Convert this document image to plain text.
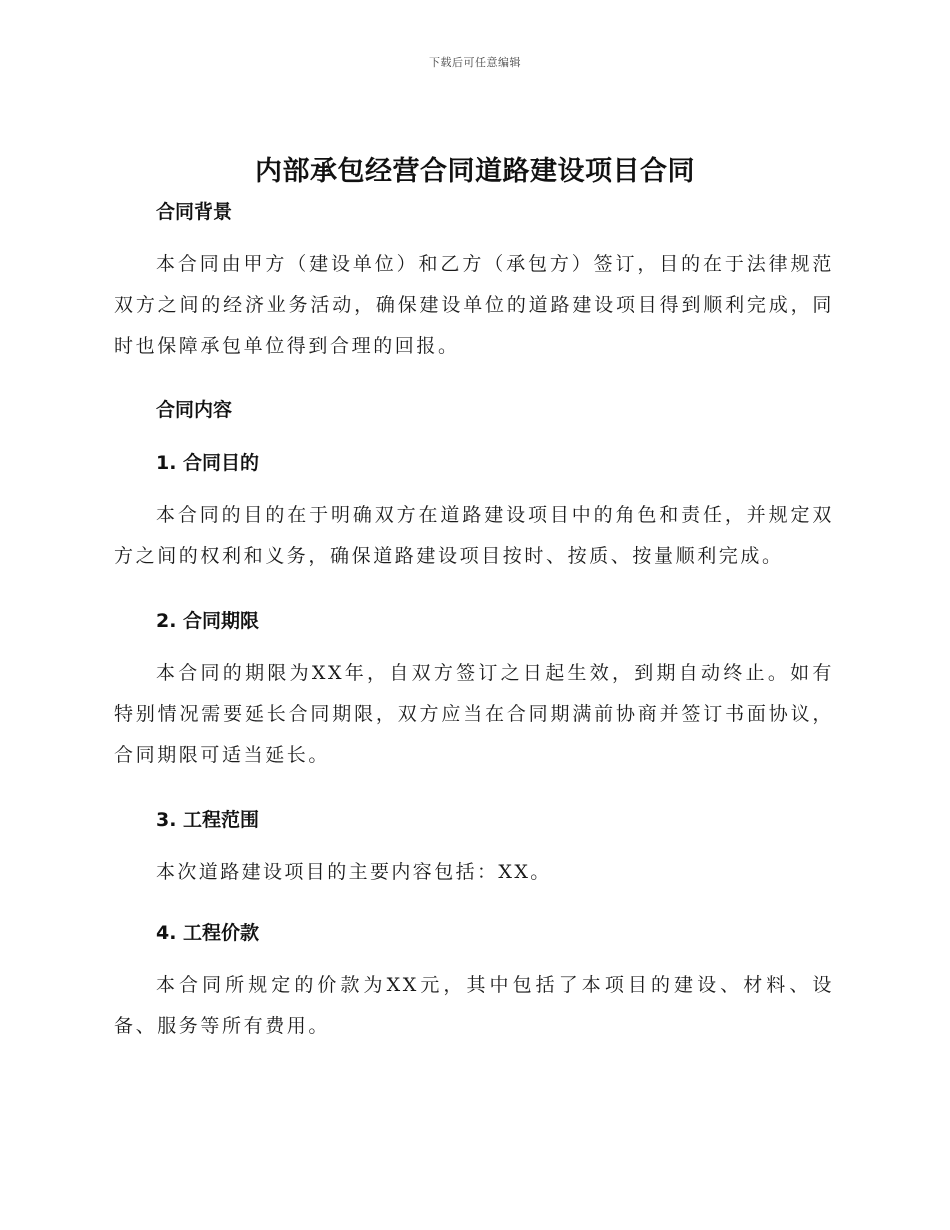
下载后可任意编辑
内部承包经营合同道路建设项目合同
合同背景

本合同由甲方（建设单位）和乙方（承包方）签订，目的在于法律规范双方之间的经济业务活动，确保建设单位的道路建设项目得到顺利完成，同时也保障承包单位得到合理的回报。

合同内容
1. 合同目的

本合同的目的在于明确双方在道路建设项目中的角色和责任，并规定双方之间的权利和义务，确保道路建设项目按时、按质、按量顺利完成。

2. 合同期限

本合同的期限为XX年，自双方签订之日起生效，到期自动终止。如有特别情况需要延长合同期限，双方应当在合同期满前协商并签订书面协议，合同期限可适当延长。

3. 工程范围

本次道路建设项目的主要内容包括：XX。

4. 工程价款

本合同所规定的价款为XX元，其中包括了本项目的建设、材料、设备、服务等所有费用。
